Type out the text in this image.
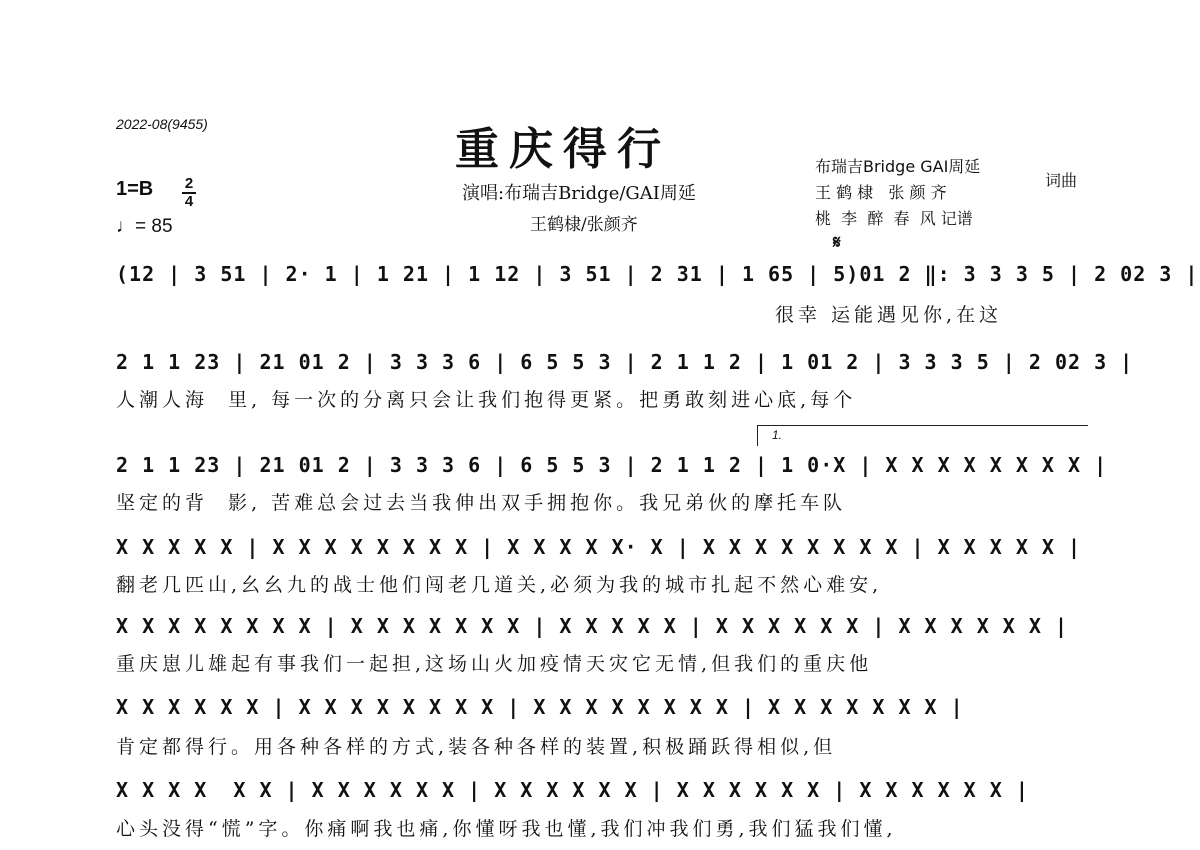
2022-08(9455)	重庆得行
演唱:布瑞吉Bridge/GAI周延
王鹤棣/张颜齐
布瑞吉Bridge GAI周延
王 鹤 棣   张 颜 齐
词曲
桃  李  醉  春  风 记谱
1=B 2
4
♩= 85
𝄋
1.
(12 | 3 51 | 2· 1 | 1 21 | 1 12 | 3 51 | 2 31 | 1 65 | 5)01 2 ‖: 3 3 3 5 | 2 02 3 |
很幸 运能遇见你,在这
2 1 1 23 | 21 01 2 | 3 3 3 6 | 6 5 5 3 | 2 1 1 2 | 1 01 2 | 3 3 3 5 | 2 02 3 |
人潮人海  里, 每一次的分离只会让我们抱得更紧。把勇敢刻进心底,每个
2 1 1 23 | 21 01 2 | 3 3 3 6 | 6 5 5 3 | 2 1 1 2 | 1 0·X | X X X X X X X X |
坚定的背  影, 苦难总会过去当我伸出双手拥抱你。我兄弟伙的摩托车队
X X X X X | X X X X X X X X | X X X X X· X | X X X X X X X X | X X X X X |
翻老几匹山,幺幺九的战士他们闯老几道关,必须为我的城市扎起不然心难安,
X X X X X X X X | X X X X X X X | X X X X X | X X X X X X | X X X X X X |
重庆崽儿雄起有事我们一起担,这场山火加疫情天灾它无情,但我们的重庆他
X X X X X X | X X X X X X X X | X X X X X X X X | X X X X X X X |
肯定都得行。用各种各样的方式,装各种各样的装置,积极踊跃得相似,但
X X X X  X X | X X X X X X | X X X X X X | X X X X X X | X X X X X X |
心头没得“慌”字。你痛啊我也痛,你懂呀我也懂,我们冲我们勇,我们猛我们懂,
